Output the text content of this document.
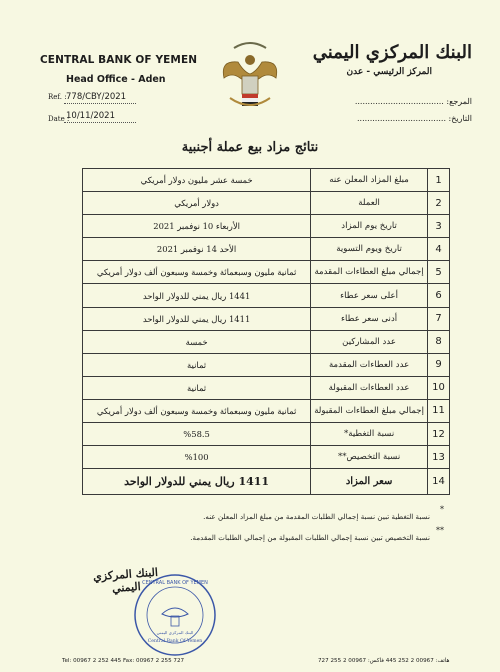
CENTRAL BANK OF YEMEN
Head Office - Aden
Ref. : 778/CBY/2021
Date :
10/11/2021
البنك المركزي اليمني
المركز الرئيسي - عدن
المرجع: ...................................
التاريخ: ...................................
نتائج مزاد بيع عملة أجنبية
1	مبلغ المزاد المعلن عنه	خمسة عشر مليون دولار أمريكي
2	العملة	دولار أمريكي
3	تاريخ يوم المزاد	الأربعاء 10 نوفمبر 2021
4	تاريخ ويوم التسوية	الأحد 14 نوفمبر 2021
5	إجمالي مبلغ العطاءات المقدمة	ثمانية مليون وسبعمائة وخمسة وسبعون ألف دولار أمريكي
6	أعلى سعر عطاء	1441 ريال يمني للدولار الواحد
7	أدنى سعر عطاء	1411 ريال يمني للدولار الواحد
8	عدد المشاركين	خمسة
9	عدد العطاءات المقدمة	ثمانية
10	عدد العطاءات المقبولة	ثمانية
11	إجمالي مبلغ العطاءات المقبولة	ثمانية مليون وسبعمائة وخمسة وسبعون ألف دولار أمريكي
12	نسبة التغطية*	%58.5
13	نسبة التخصيص**	%100
14	سعر المزاد	1411 ريال يمني للدولار الواحد
*
نسبة التغطية تبين نسبة إجمالي الطلبات المقدمة من مبلغ المزاد المعلن عنه.
**
نسبة التخصيص تبين نسبة إجمالي الطلبات المقبولة من إجمالي الطلبات المقدمة.
CENTRAL BANK OF YEMEN
البنك المركزي اليمني
Central Bank Of Yemen
البنك المركزي اليمني
Tel: 00967 2 252 445 Fax: 00967 2 255 727	هاتف: 00967 2 252 445 فاكس: 00967 2 255 727
